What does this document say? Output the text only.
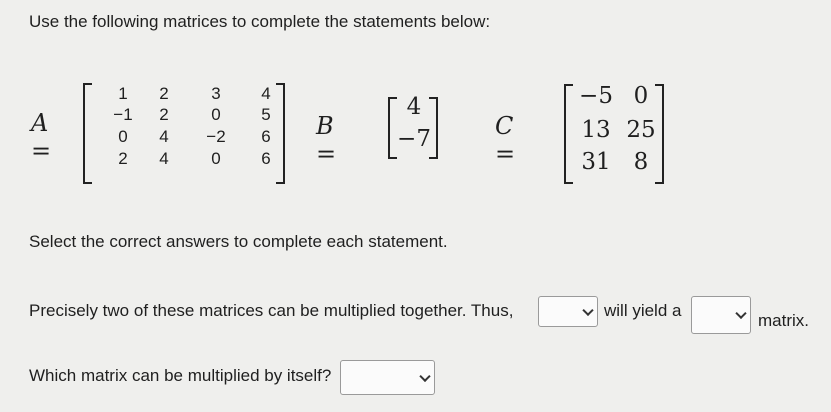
Use the following matrices to complete the statements below:
A =
1	2	3	4
−1	2	0	5
0	4	−2	6
2	4	0	6
B =
4
−7	C =
−5 0
13 25
31	8
Select the correct answers to complete each statement.
Precisely two of these matrices can be multiplied together. Thus,	will yield a
matrix.
Which matrix can be multiplied by itself?
